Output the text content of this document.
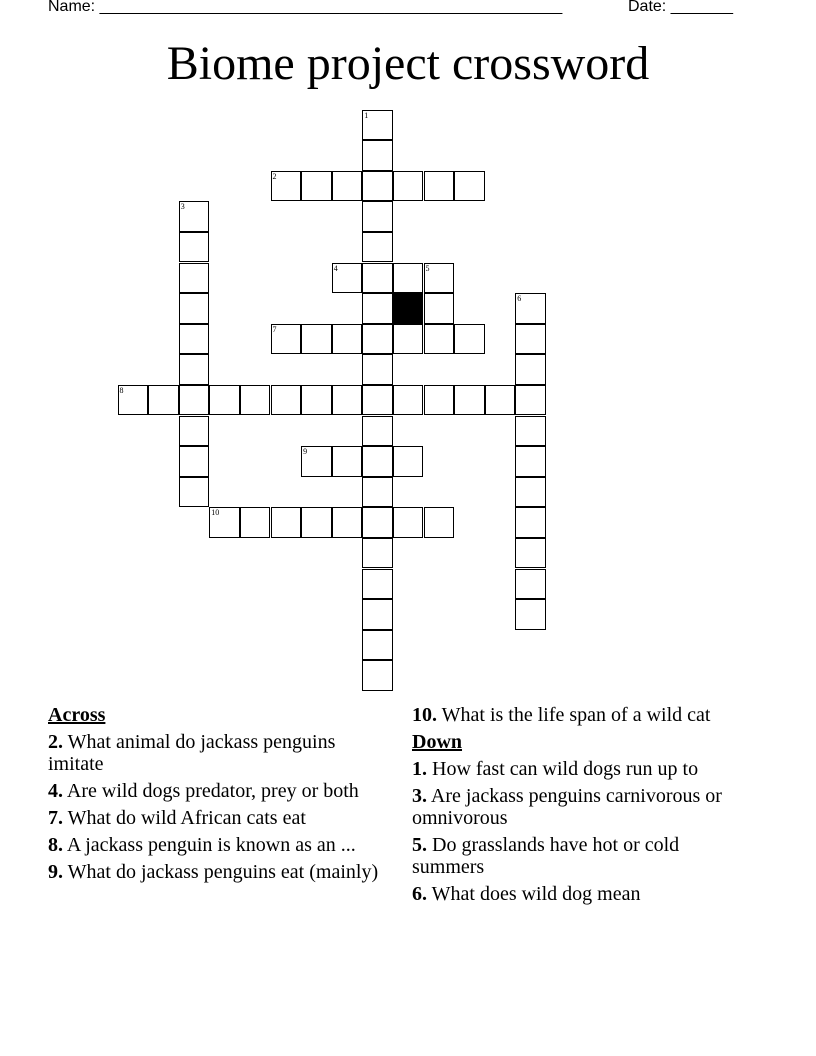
Name: ____________________________________________________	Date: _______
Biome project crossword
1
2
3
4	5
6
7
8
9
10
Across
2. What animal do jackass penguins imitate
4. Are wild dogs predator, prey or both
7. What do wild African cats eat
8. A jackass penguin is known as an ...
9. What do jackass penguins eat (mainly)
10. What is the life span of a wild cat
Down
1. How fast can wild dogs run up to
3. Are jackass penguins carnivorous or omnivorous
5. Do grasslands have hot or cold summers
6. What does wild dog mean
